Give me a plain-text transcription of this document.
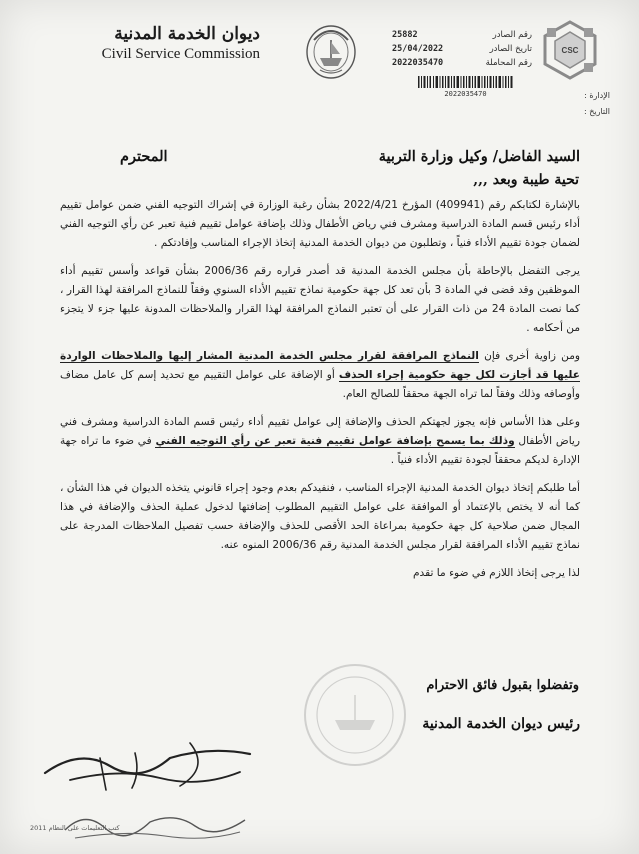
ديوان الخدمة المدنية
Civil Service Commission
25882	رقم الصادر
25/04/2022	تاريخ الصادر
2022035470	رقم المحاملة
CSC
2022035470	الإدارة :
التاريخ :
السيد الفاضل/ وكيل وزارة التربية
المحترم
تحية طيبة وبعد ,,,

بالإشارة لكتابكم رقم (409941) المؤرخ 2022/4/21 بشأن رغبة الوزارة في إشراك التوجيه الفني ضمن عوامل تقييم أداء رئيس قسم المادة الدراسية ومشرف فني رياض الأطفال وذلك بإضافة عوامل تقييم فنية تعبر عن رأي التوجيه الفني لضمان جودة تقييم الأداء فنياً ، وتطلبون من ديوان الخدمة المدنية إتخاذ الإجراء المناسب وإفادتكم .

يرجى التفضل بالإحاطة بأن مجلس الخدمة المدنية قد أصدر قراره رقم 2006/36 بشأن قواعد وأسس تقييم أداء الموظفين وقد قضى في المادة 3 بأن تعد كل جهة حكومية نماذج تقييم الأداء السنوي وفقاً للنماذج المرافقة لهذا القرار ، كما نصت المادة 24 من ذات القرار على أن تعتبر النماذج المرافقة لهذا القرار والملاحظات المدونة عليها جزء لا يتجزء من أحكامه .

ومن زاوية أخرى فإن النماذج المرافقة لقرار مجلس الخدمة المدنية المشار إليها والملاحظات الواردة عليها قد أجازت لكل جهة حكومية إجراء الحذف أو الإضافة على عوامل التقييم مع تحديد إسم كل عامل مضاف وأوصافه وذلك وفقاً لما تراه الجهة محققاً للصالح العام.

وعلى هذا الأساس فإنه يجوز لجهتكم الحذف والإضافة إلى عوامل تقييم أداء رئيس قسم المادة الدراسية ومشرف فني رياض الأطفال وذلك بما يسمح بإضافة عوامل تقييم فنية تعبر عن رأي التوجيه الفني في ضوء ما تراه جهة الإدارة لديكم محققاً لجودة تقييم الأداء فنياً .

أما طلبكم إتخاذ ديوان الخدمة المدنية الإجراء المناسب ، فنفيدكم بعدم وجود إجراء قانوني يتخذه الديوان في هذا الشأن ، كما أنه لا يختص بالإعتماد أو الموافقة على عوامل التقييم المطلوب إضافتها لدخول عملية الحذف والإضافة في هذا المجال ضمن صلاحية كل جهة حكومية بمراعاة الحد الأقصى للحذف والإضافة حسب تفصيل الملاحظات المدرجة على نماذج تقييم الأداء المرافقة لقرار مجلس الخدمة المدنية رقم 2006/36 المنوه عنه.

لذا يرجى إتخاذ اللازم في ضوء ما تقدم

وتفضلوا بقبول فائق الاحترام
رئيس ديوان الخدمة المدنية
كتب التعليمات على النظام 2011
